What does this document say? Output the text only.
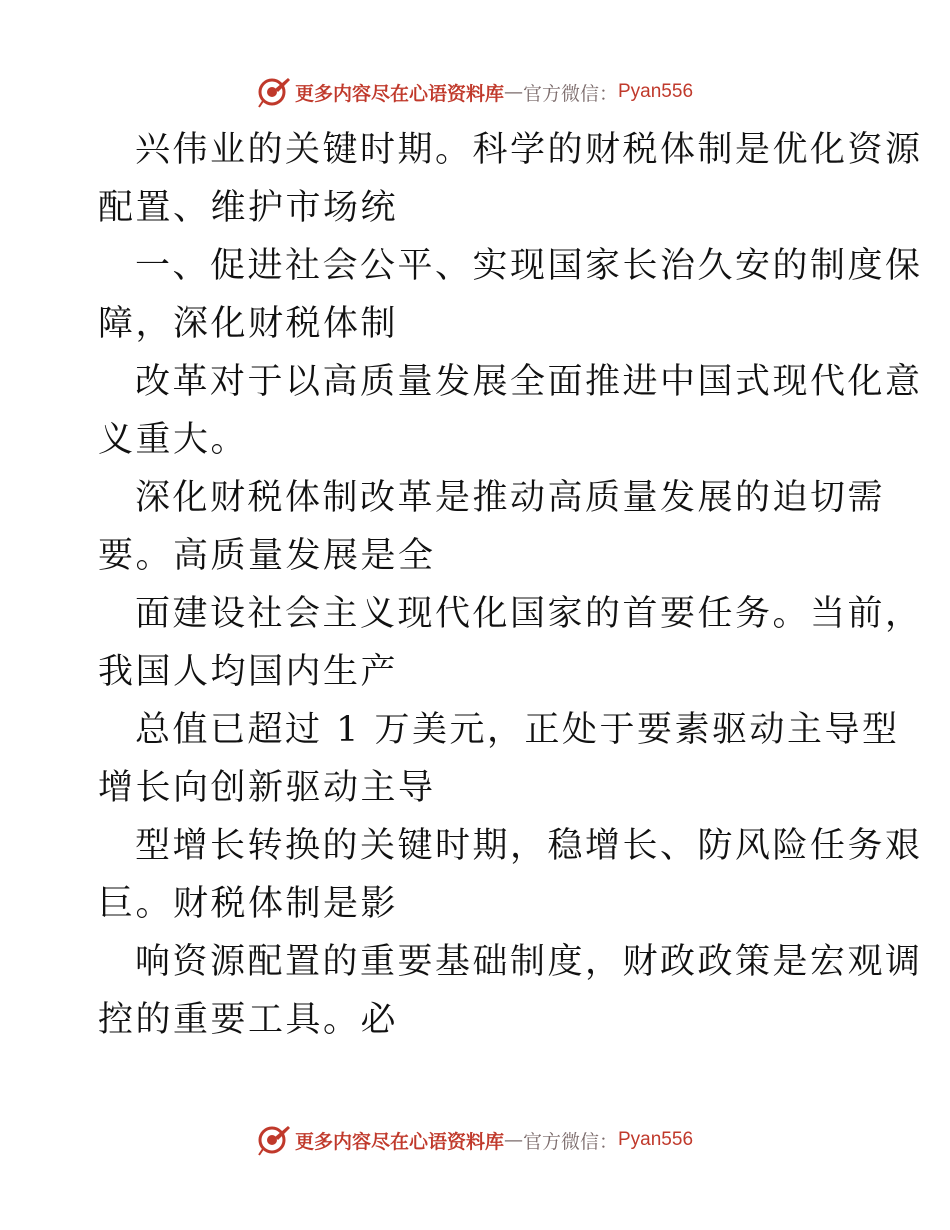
更多内容尽在心语资料库 — 官方微信： Pyan556

兴伟业的关键时期。科学的财税体制是优化资源
配置、维护市场统

一、促进社会公平、实现国家长治久安的制度保
障，深化财税体制

改革对于以高质量发展全面推进中国式现代化意
义重大。

深化财税体制改革是推动高质量发展的迫切需
要。高质量发展是全

面建设社会主义现代化国家的首要任务。当前，
我国人均国内生产

总值已超过 1 万美元，正处于要素驱动主导型
增长向创新驱动主导

型增长转换的关键时期，稳增长、防风险任务艰
巨。财税体制是影

响资源配置的重要基础制度，财政政策是宏观调
控的重要工具。必

更多内容尽在心语资料库 — 官方微信： Pyan556
